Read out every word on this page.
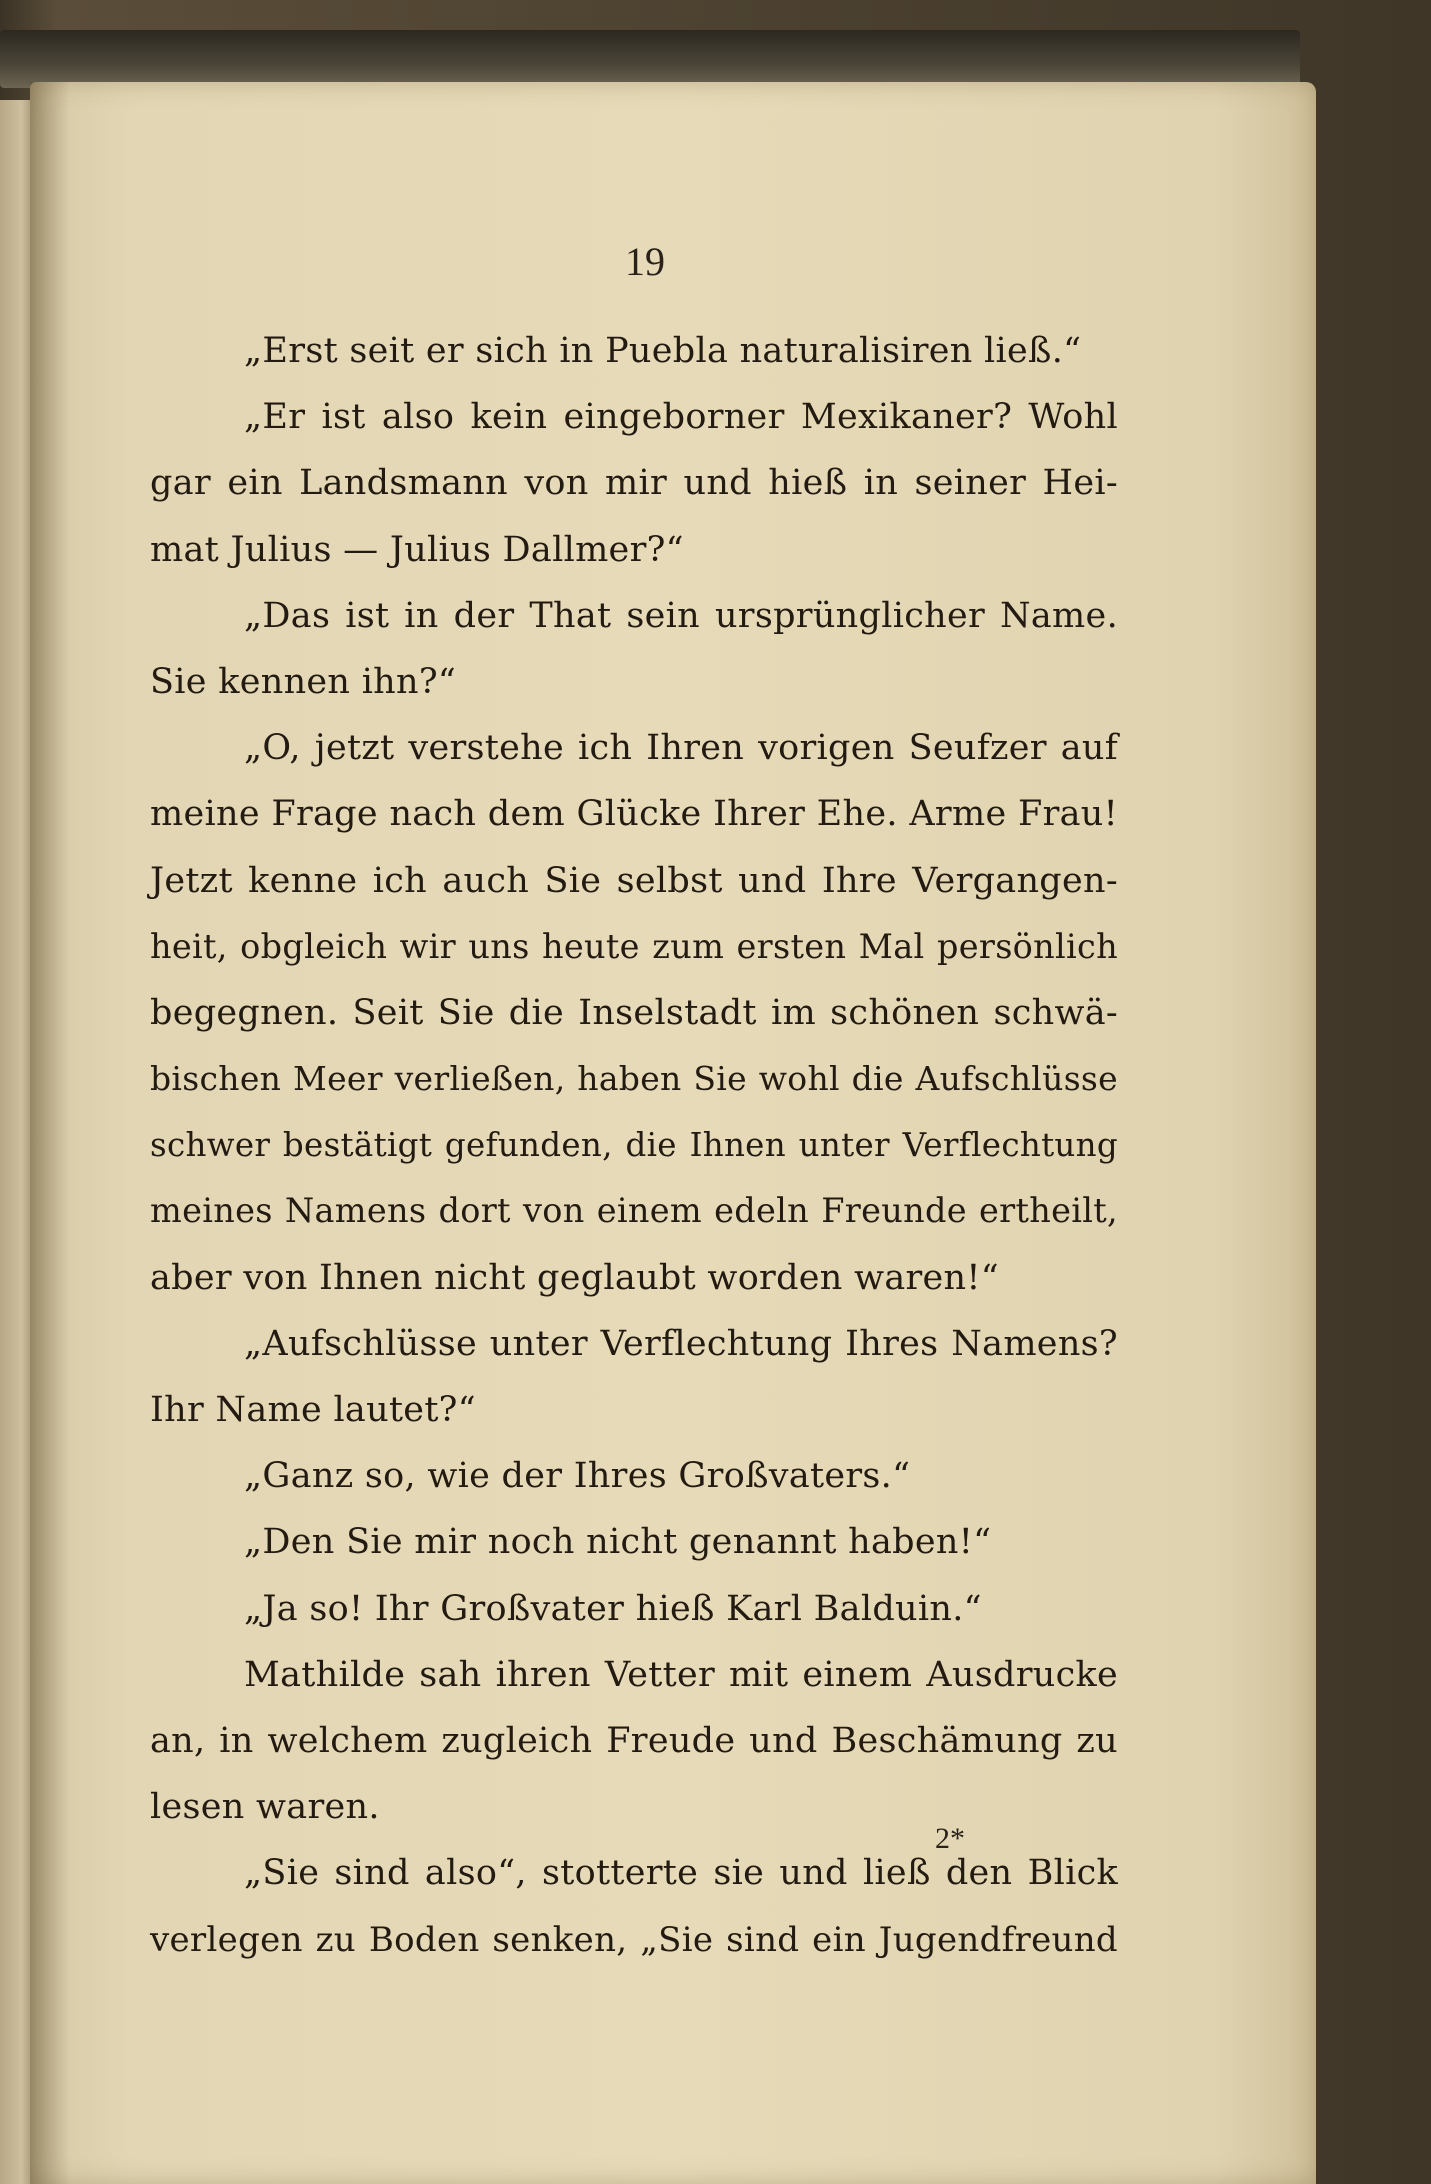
19

„Erst seit er sich in Puebla naturalisiren ließ.“
„Er ist also kein eingeborner Mexikaner? Wohl
gar ein Landsmann von mir und hieß in seiner Hei-
mat Julius — Julius Dallmer?“
„Das ist in der That sein ursprünglicher Name.
Sie kennen ihn?“
„O, jetzt verstehe ich Ihren vorigen Seufzer auf
meine Frage nach dem Glücke Ihrer Ehe. Arme Frau!
Jetzt kenne ich auch Sie selbst und Ihre Vergangen-
heit, obgleich wir uns heute zum ersten Mal persönlich
begegnen. Seit Sie die Inselstadt im schönen schwä-
bischen Meer verließen, haben Sie wohl die Aufschlüsse
schwer bestätigt gefunden, die Ihnen unter Verflechtung
meines Namens dort von einem edeln Freunde ertheilt,
aber von Ihnen nicht geglaubt worden waren!“
„Aufschlüsse unter Verflechtung Ihres Namens?
Ihr Name lautet?“
„Ganz so, wie der Ihres Großvaters.“
„Den Sie mir noch nicht genannt haben!“
„Ja so! Ihr Großvater hieß Karl Balduin.“
Mathilde sah ihren Vetter mit einem Ausdrucke
an, in welchem zugleich Freude und Beschämung zu
lesen waren.
„Sie sind also“, stotterte sie und ließ den Blick
verlegen zu Boden senken, „Sie sind ein Jugendfreund

2*
